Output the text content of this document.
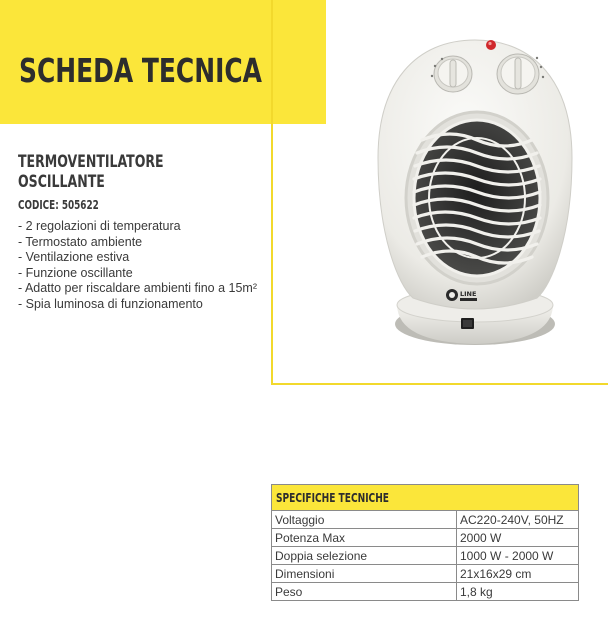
SCHEDA TECNICA
TERMOVENTILATORE
OSCILLANTE
CODICE: 505622
- 2 regolazioni di temperatura
- Termostato ambiente
- Ventilazione estiva
- Funzione oscillante
- Adatto per riscaldare ambienti fino a 15m²
- Spia luminosa di funzionamento
LINE
SPECIFICHE TECNICHE	
Voltaggio	AC220-240V, 50HZ
Potenza Max	2000 W
Doppia selezione	1000 W - 2000 W
Dimensioni	21x16x29 cm
Peso	1,8 kg
